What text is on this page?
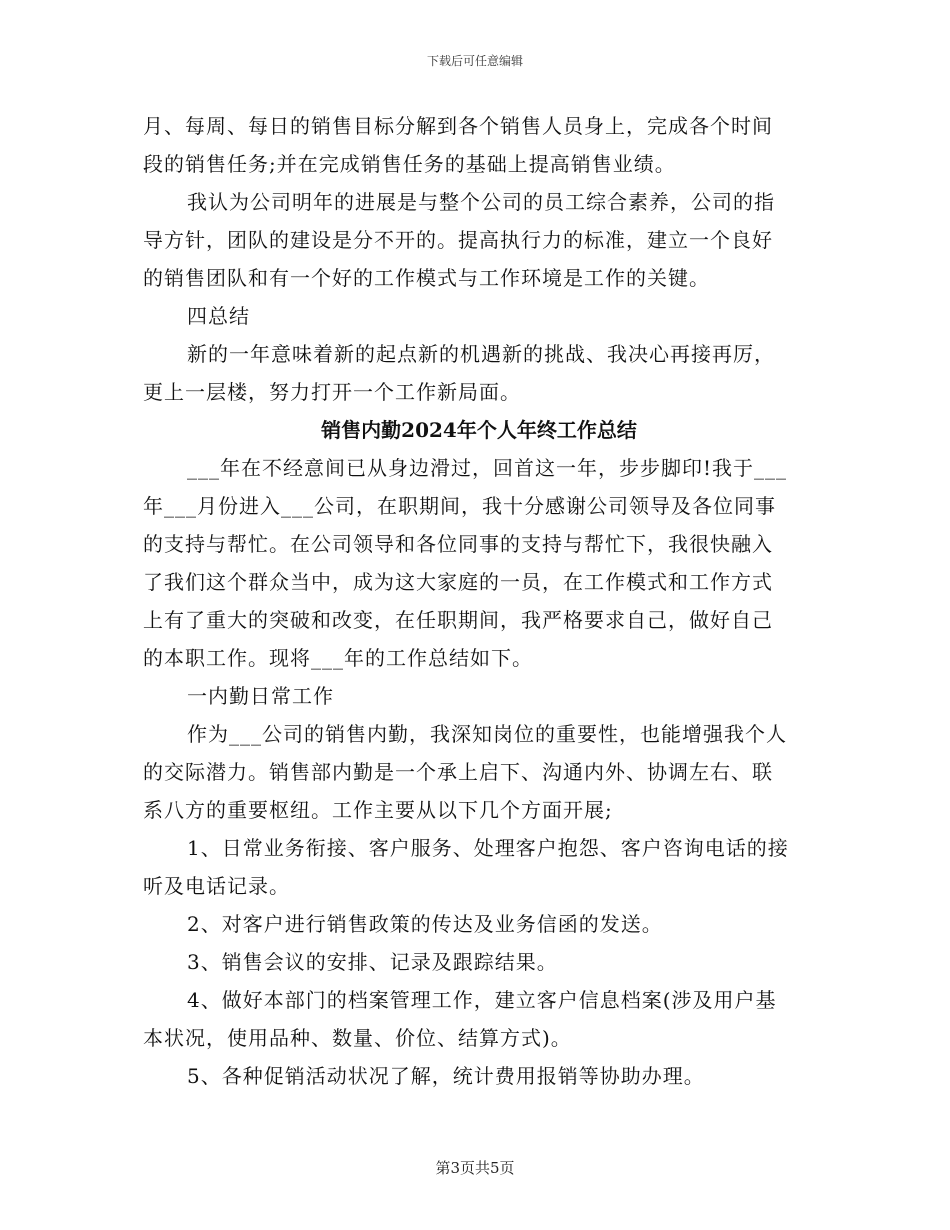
下载后可任意编辑
月、每周、每日的销售目标分解到各个销售人员身上，完成各个时间
段的销售任务;并在完成销售任务的基础上提高销售业绩。
我认为公司明年的进展是与整个公司的员工综合素养，公司的指
导方针，团队的建设是分不开的。提高执行力的标准，建立一个良好
的销售团队和有一个好的工作模式与工作环境是工作的关键。
四总结
新的一年意味着新的起点新的机遇新的挑战、我决心再接再厉，
更上一层楼，努力打开一个工作新局面。
销售内勤2024年个人年终工作总结
___年在不经意间已从身边滑过，回首这一年，步步脚印!我于___
年___月份进入___公司，在职期间，我十分感谢公司领导及各位同事
的支持与帮忙。在公司领导和各位同事的支持与帮忙下，我很快融入
了我们这个群众当中，成为这大家庭的一员，在工作模式和工作方式
上有了重大的突破和改变，在任职期间，我严格要求自己，做好自己
的本职工作。现将___年的工作总结如下。
一内勤日常工作
作为___公司的销售内勤，我深知岗位的重要性，也能增强我个人
的交际潜力。销售部内勤是一个承上启下、沟通内外、协调左右、联
系八方的重要枢纽。工作主要从以下几个方面开展;
1、日常业务衔接、客户服务、处理客户抱怨、客户咨询电话的接
听及电话记录。
2、对客户进行销售政策的传达及业务信函的发送。
3、销售会议的安排、记录及跟踪结果。
4、做好本部门的档案管理工作，建立客户信息档案(涉及用户基
本状况，使用品种、数量、价位、结算方式)。
5、各种促销活动状况了解，统计费用报销等协助办理。
第3页共5页
